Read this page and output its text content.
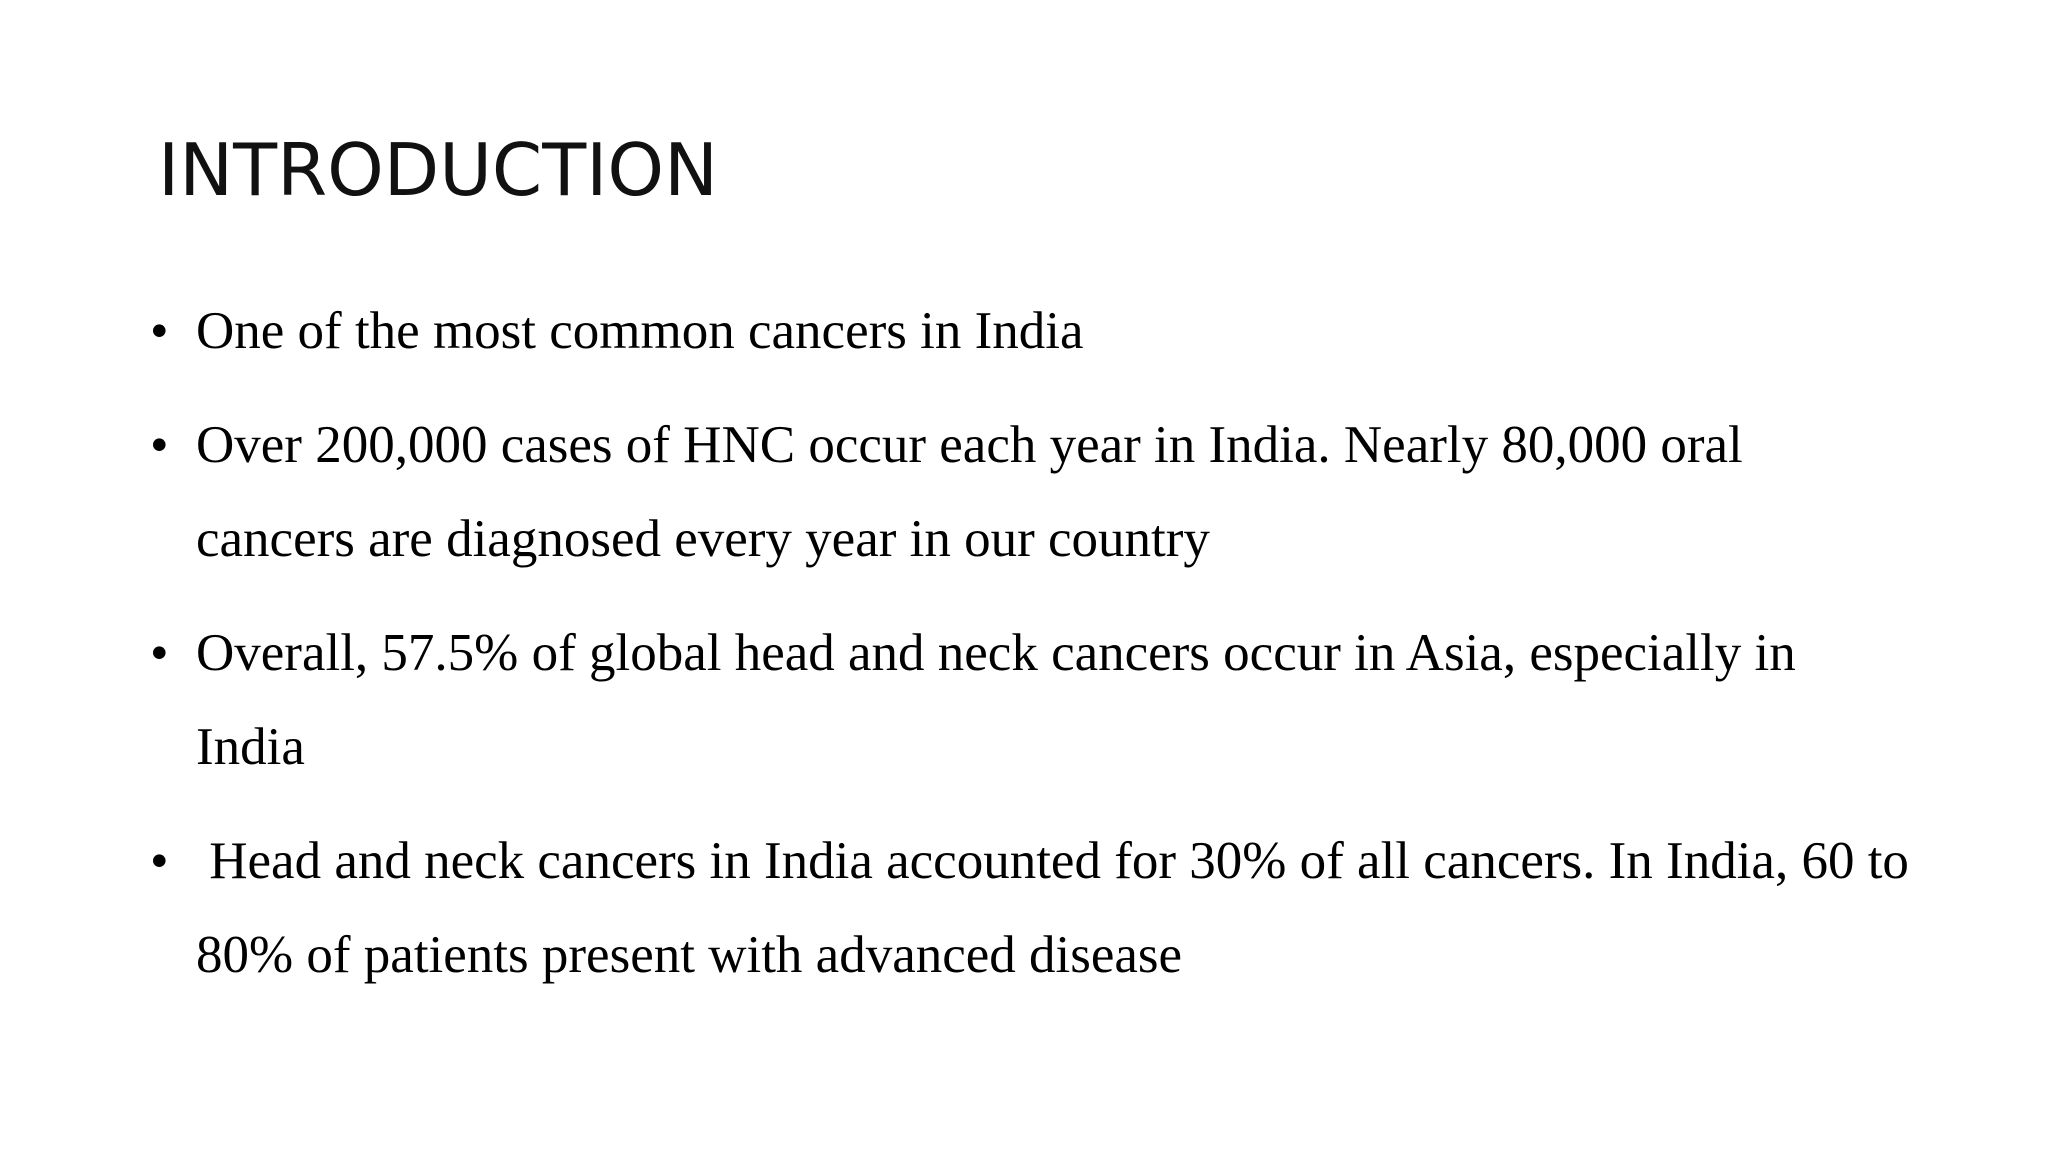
INTRODUCTION
• One of the most common cancers in India
• Over 200,000 cases of HNC occur each year in India. Nearly 80,000 oral cancers are diagnosed every year in our country
• Overall, 57.5% of global head and neck cancers occur in Asia, especially in India
• Head and neck cancers in India accounted for 30% of all cancers. In India, 60 to 80% of patients present with advanced disease
